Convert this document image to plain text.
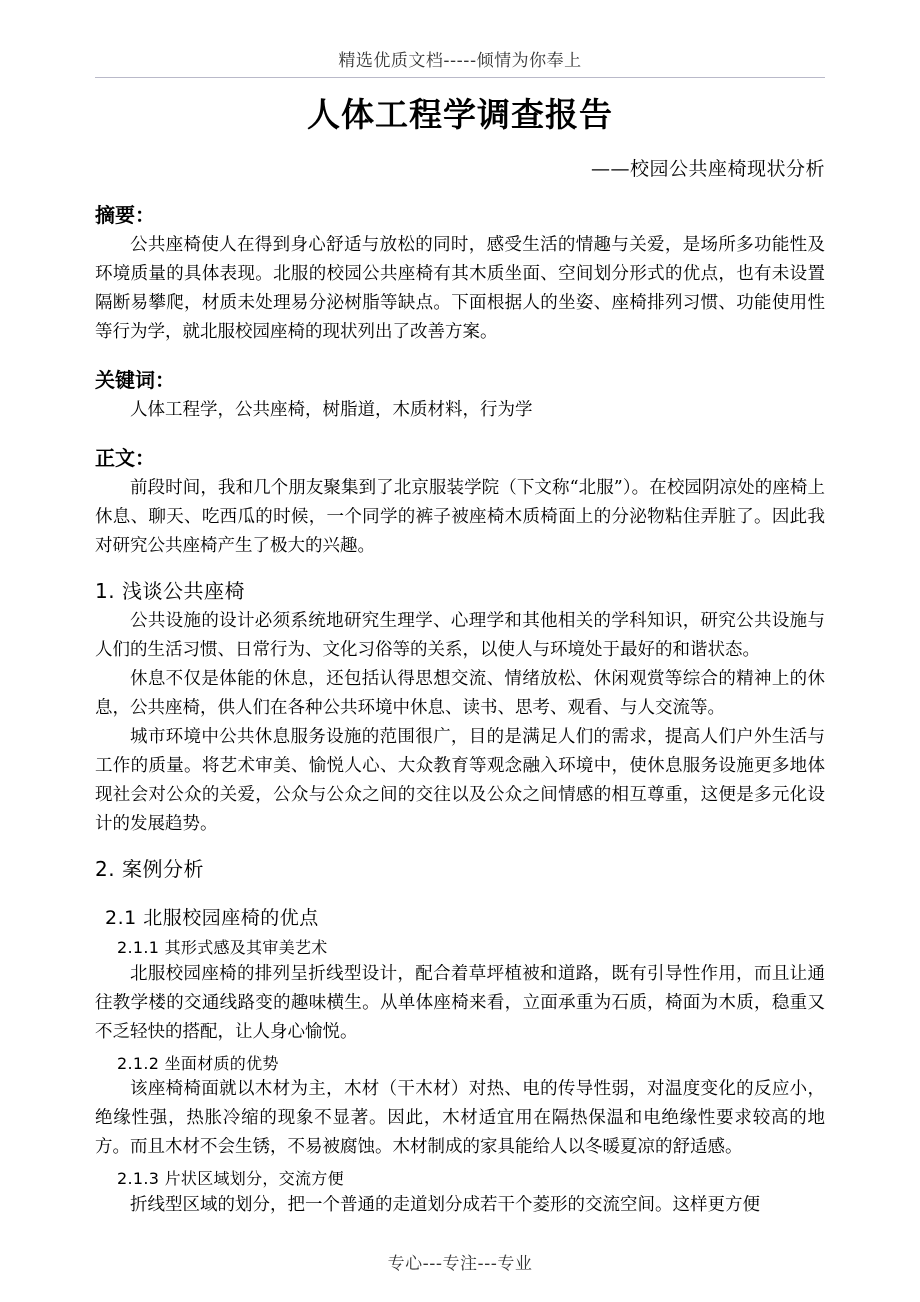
精选优质文档-----倾情为你奉上
人体工程学调查报告
——校园公共座椅现状分析
摘要：

公共座椅使人在得到身心舒适与放松的同时，感受生活的情趣与关爱，是场所多功能性及环境质量的具体表现。北服的校园公共座椅有其木质坐面、空间划分形式的优点，也有未设置隔断易攀爬，材质未处理易分泌树脂等缺点。下面根据人的坐姿、座椅排列习惯、功能使用性等行为学，就北服校园座椅的现状列出了改善方案。

关键词：

人体工程学，公共座椅，树脂道，木质材料，行为学

正文：

前段时间，我和几个朋友聚集到了北京服装学院（下文称“北服”）。在校园阴凉处的座椅上休息、聊天、吃西瓜的时候，一个同学的裤子被座椅木质椅面上的分泌物粘住弄脏了。因此我对研究公共座椅产生了极大的兴趣。

1. 浅谈公共座椅

公共设施的设计必须系统地研究生理学、心理学和其他相关的学科知识，研究公共设施与人们的生活习惯、日常行为、文化习俗等的关系，以使人与环境处于最好的和谐状态。

休息不仅是体能的休息，还包括认得思想交流、情绪放松、休闲观赏等综合的精神上的休息，公共座椅，供人们在各种公共环境中休息、读书、思考、观看、与人交流等。

城市环境中公共休息服务设施的范围很广，目的是满足人们的需求，提高人们户外生活与工作的质量。将艺术审美、愉悦人心、大众教育等观念融入环境中，使休息服务设施更多地体现社会对公众的关爱，公众与公众之间的交往以及公众之间情感的相互尊重，这便是多元化设计的发展趋势。

2. 案例分析
2.1 北服校园座椅的优点
2.1.1 其形式感及其审美艺术

北服校园座椅的排列呈折线型设计，配合着草坪植被和道路，既有引导性作用，而且让通往教学楼的交通线路变的趣味横生。从单体座椅来看，立面承重为石质，椅面为木质，稳重又不乏轻快的搭配，让人身心愉悦。

2.1.2 坐面材质的优势

该座椅椅面就以木材为主，木材（干木材）对热、电的传导性弱，对温度变化的反应小，绝缘性强，热胀冷缩的现象不显著。因此，木材适宜用在隔热保温和电绝缘性要求较高的地方。而且木材不会生锈，不易被腐蚀。木材制成的家具能给人以冬暖夏凉的舒适感。

2.1.3 片状区域划分，交流方便

折线型区域的划分，把一个普通的走道划分成若干个菱形的交流空间。这样更方便

专心---专注---专业
